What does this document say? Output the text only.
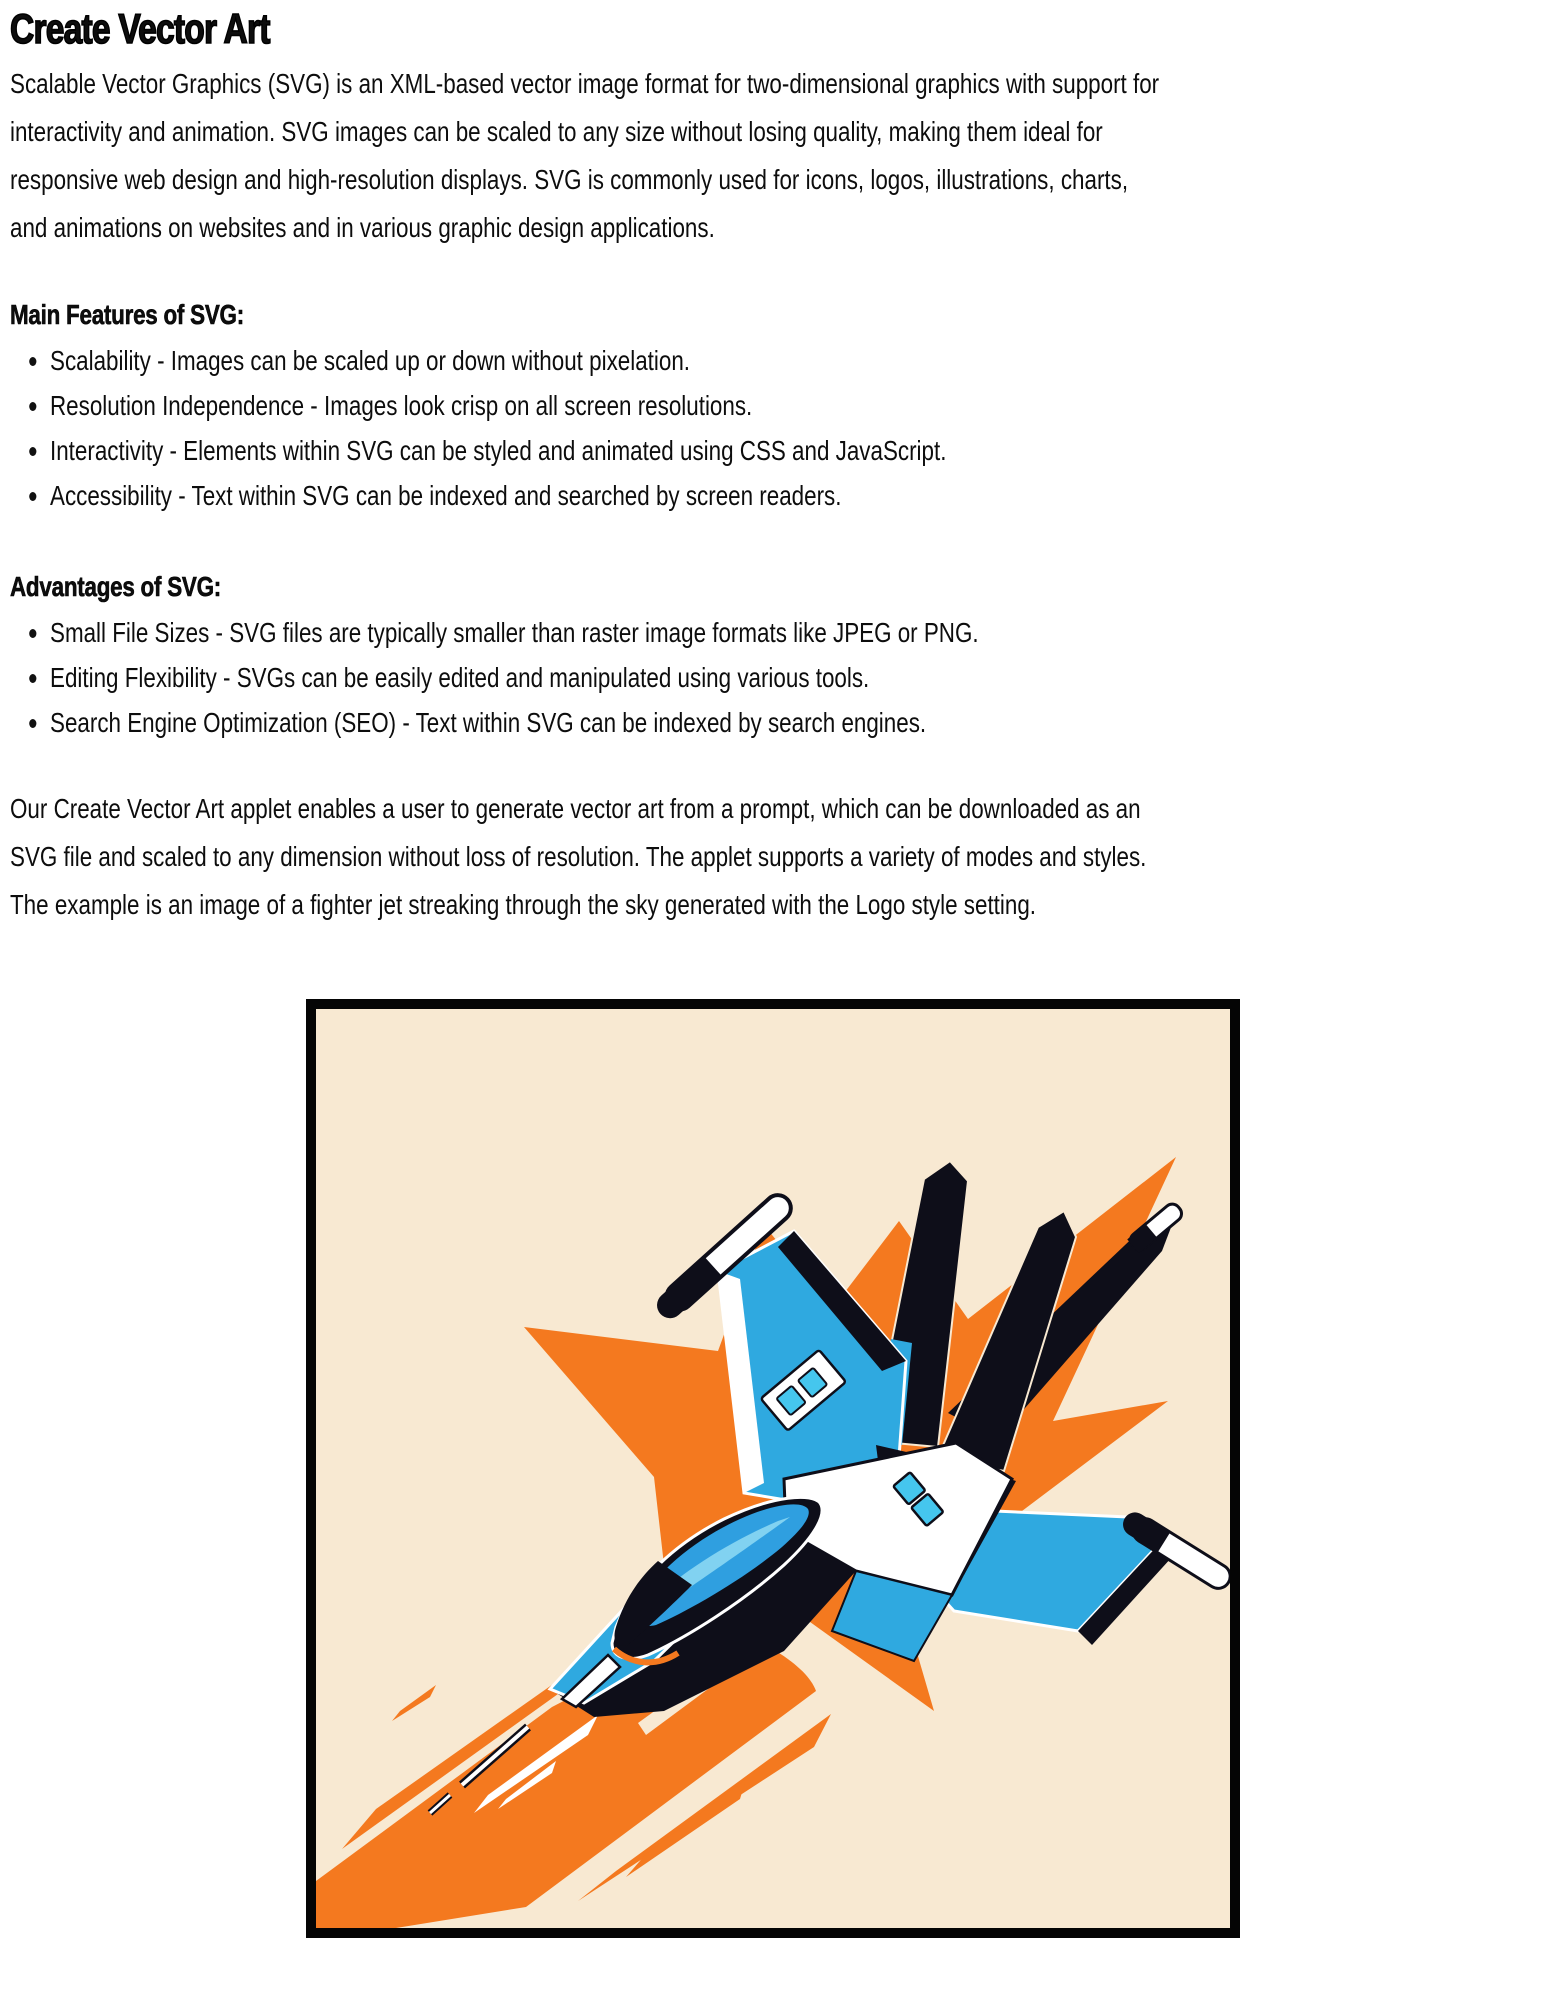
Create Vector Art
Scalable Vector Graphics (SVG) is an XML-based vector image format for two-dimensional graphics with support for
interactivity and animation. SVG images can be scaled to any size without losing quality, making them ideal for
responsive web design and high-resolution displays. SVG is commonly used for icons, logos, illustrations, charts,
and animations on websites and in various graphic design applications.
Main Features of SVG:
Scalability - Images can be scaled up or down without pixelation.
Resolution Independence - Images look crisp on all screen resolutions.
Interactivity - Elements within SVG can be styled and animated using CSS and JavaScript.
Accessibility - Text within SVG can be indexed and searched by screen readers.
Advantages of SVG:
Small File Sizes - SVG files are typically smaller than raster image formats like JPEG or PNG.
Editing Flexibility - SVGs can be easily edited and manipulated using various tools.
Search Engine Optimization (SEO) - Text within SVG can be indexed by search engines.
Our Create Vector Art applet enables a user to generate vector art from a prompt, which can be downloaded as an
SVG file and scaled to any dimension without loss of resolution. The applet supports a variety of modes and styles.
The example is an image of a fighter jet streaking through the sky generated with the Logo style setting.
